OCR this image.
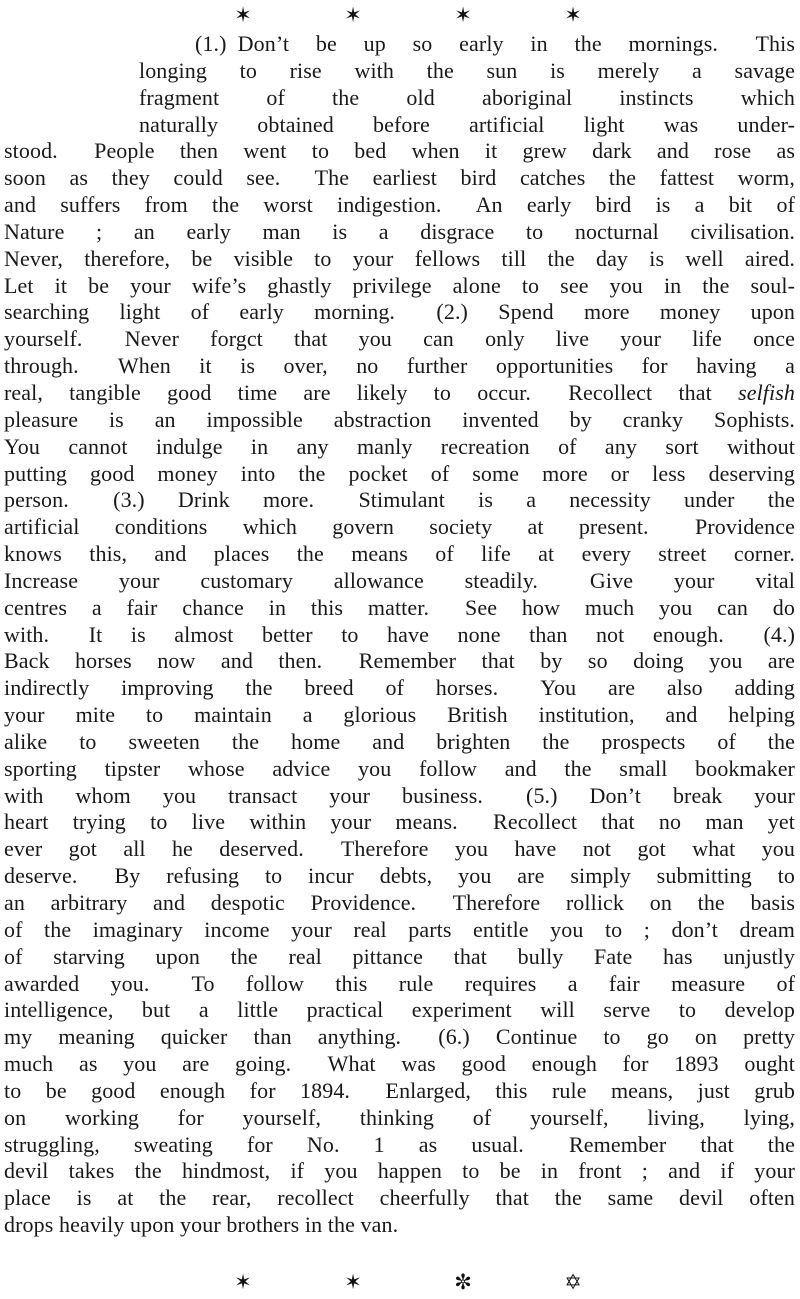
✶	✶	✶	✶
(1.) Don’t be up so early in the mornings.  This
longing to rise with the sun is merely a savage
fragment of the old aboriginal instincts which
naturally obtained before artificial light was under-
stood.  People then went to bed when it grew dark and rose as
soon as they could see.  The earliest bird catches the fattest worm,
and suffers from the worst indigestion.  An early bird is a bit of
Nature ; an early man is a disgrace to nocturnal civilisation.
Never, therefore, be visible to your fellows till the day is well aired.
Let it be your wife’s ghastly privilege alone to see you in the soul-
searching light of early morning.  (2.) Spend more money upon
yourself.  Never forgct that you can only live your life once
through.  When it is over, no further opportunities for having a
real, tangible good time are likely to occur.  Recollect that selfish
pleasure is an impossible abstraction invented by cranky Sophists.
You cannot indulge in any manly recreation of any sort without
putting good money into the pocket of some more or less deserving
person.  (3.) Drink more.  Stimulant is a necessity under the
artificial conditions which govern society at present.  Providence
knows this, and places the means of life at every street corner.
Increase your customary allowance steadily.  Give your vital
centres a fair chance in this matter.  See how much you can do
with.  It is almost better to have none than not enough.  (4.)
Back horses now and then.  Remember that by so doing you are
indirectly improving the breed of horses.  You are also adding
your mite to maintain a glorious British institution, and helping
alike to sweeten the home and brighten the prospects of the
sporting tipster whose advice you follow and the small bookmaker
with whom you transact your business.  (5.) Don’t break your
heart trying to live within your means.  Recollect that no man yet
ever got all he deserved.  Therefore you have not got what you
deserve.  By refusing to incur debts, you are simply submitting to
an arbitrary and despotic Providence.  Therefore rollick on the basis
of the imaginary income your real parts entitle you to ; don’t dream
of starving upon the real pittance that bully Fate has unjustly
awarded you.  To follow this rule requires a fair measure of
intelligence, but a little practical experiment will serve to develop
my meaning quicker than anything.  (6.) Continue to go on pretty
much as you are going.  What was good enough for 1893 ought
to be good enough for 1894.  Enlarged, this rule means, just grub
on working for yourself, thinking of yourself, living, lying,
struggling, sweating for No. 1 as usual.  Remember that the
devil takes the hindmost, if you happen to be in front ; and if your
place is at the rear, recollect cheerfully that the same devil often
drops heavily upon your brothers in the van.
✶	✶	✼	✡
